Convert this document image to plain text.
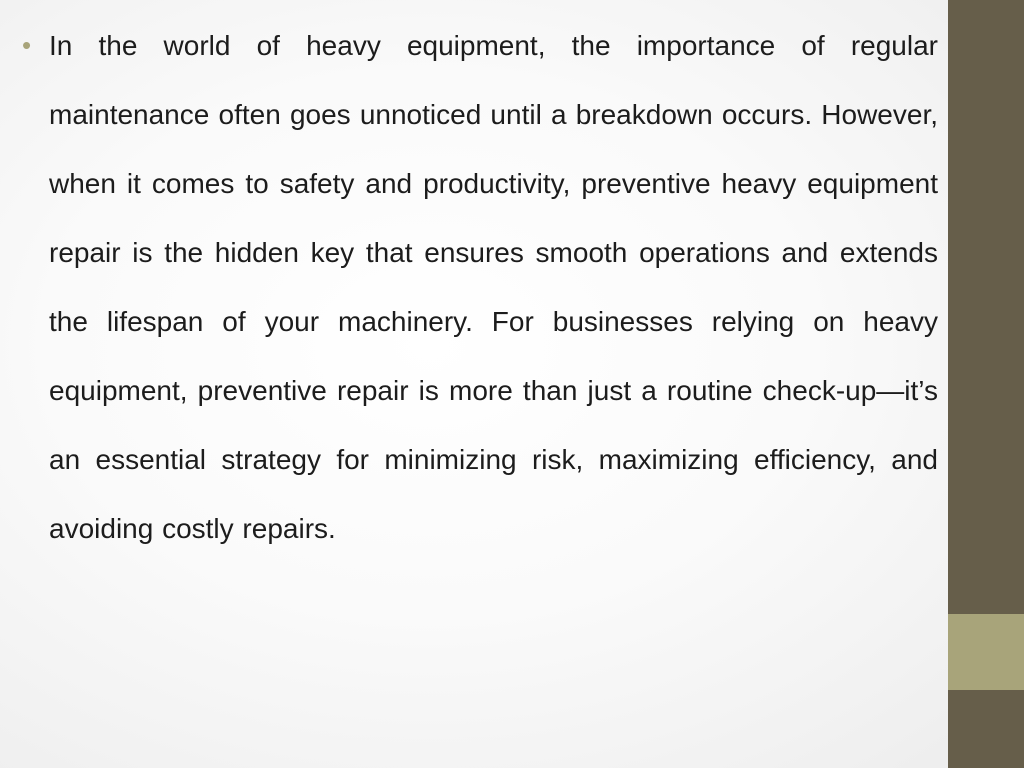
• In the world of heavy equipment, the importance of regular maintenance often goes unnoticed until a breakdown occurs. However, when it comes to safety and productivity, preventive heavy equipment repair is the hidden key that ensures smooth operations and extends the lifespan of your machinery. For businesses relying on heavy equipment, preventive repair is more than just a routine check-up—it’s an essential strategy for minimizing risk, maximizing efficiency, and avoiding costly repairs.
